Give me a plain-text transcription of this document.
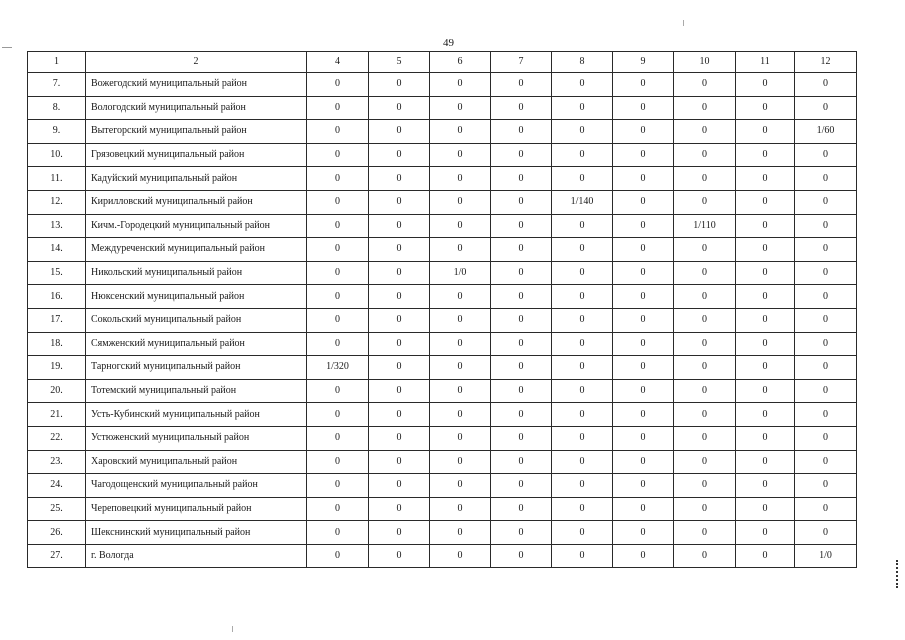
49
1	2	4	5	6	7	8	9	10	11	12
7.	Вожегодский муниципальный район	0	0	0	0	0	0	0	0	0
8.	Вологодский муниципальный район	0	0	0	0	0	0	0	0	0
9.	Вытегорский муниципальный район	0	0	0	0	0	0	0	0	1/60
10.	Грязовецкий муниципальный район	0	0	0	0	0	0	0	0	0
11.	Кадуйский муниципальный район	0	0	0	0	0	0	0	0	0
12.	Кирилловский муниципальный район	0	0	0	0	1/140	0	0	0	0
13.	Кичм.-Городецкий муниципальный район	0	0	0	0	0	0	1/110	0	0
14.	Междуреченский муниципальный район	0	0	0	0	0	0	0	0	0
15.	Никольский муниципальный район	0	0	1/0	0	0	0	0	0	0
16.	Нюксенский муниципальный район	0	0	0	0	0	0	0	0	0
17.	Сокольский муниципальный район	0	0	0	0	0	0	0	0	0
18.	Сямженский муниципальный район	0	0	0	0	0	0	0	0	0
19.	Тарногский муниципальный район	1/320	0	0	0	0	0	0	0	0
20.	Тотемский муниципальный район	0	0	0	0	0	0	0	0	0
21.	Усть-Кубинский муниципальный район	0	0	0	0	0	0	0	0	0
22.	Устюженский муниципальный район	0	0	0	0	0	0	0	0	0
23.	Харовский муниципальный район	0	0	0	0	0	0	0	0	0
24.	Чагодощенский муниципальный район	0	0	0	0	0	0	0	0	0
25.	Череповецкий муниципальный район	0	0	0	0	0	0	0	0	0
26.	Шекснинский муниципальный район	0	0	0	0	0	0	0	0	0
27.	г. Вологда	0	0	0	0	0	0	0	0	1/0
